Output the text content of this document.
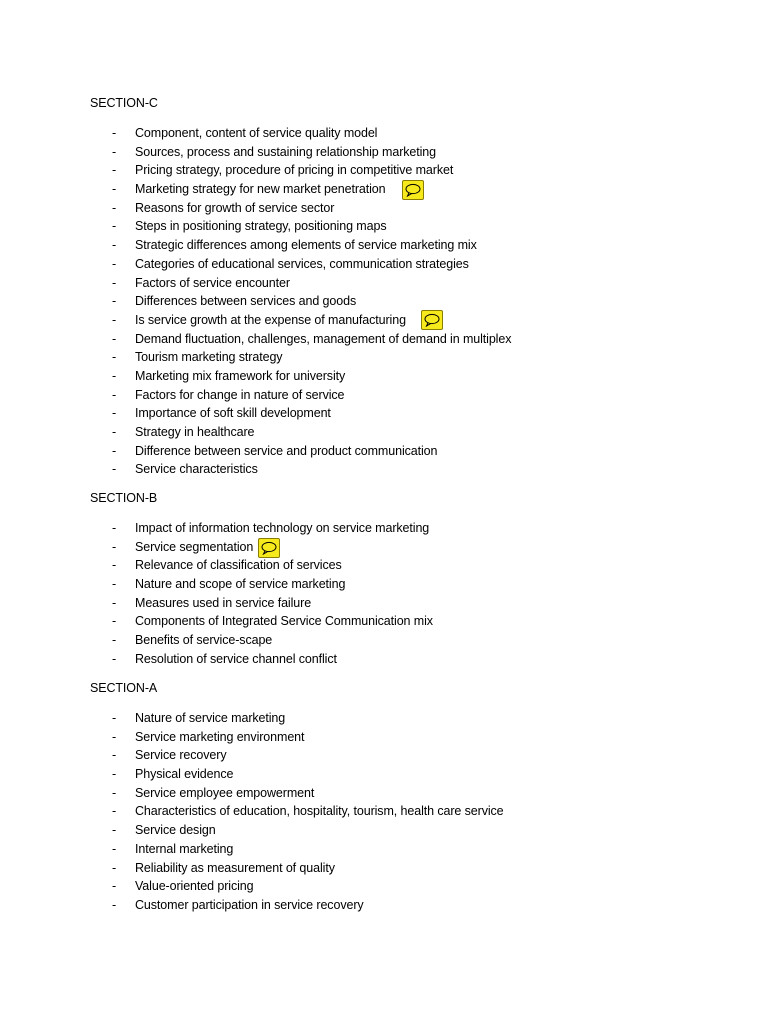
SECTION-C
- Component, content of service quality model
- Sources, process and sustaining relationship marketing
- Pricing strategy, procedure of pricing in competitive market
- Marketing strategy for new market penetration
- Reasons for growth of service sector
- Steps in positioning strategy, positioning maps
- Strategic differences among elements of service marketing mix
- Categories of educational services, communication strategies
- Factors of service encounter
- Differences between services and goods
- Is service growth at the expense of manufacturing
- Demand fluctuation, challenges, management of demand in multiplex
- Tourism marketing strategy
- Marketing mix framework for university
- Factors for change in nature of service
- Importance of soft skill development
- Strategy in healthcare
- Difference between service and product communication
- Service characteristics
SECTION-B
- Impact of information technology on service marketing
- Service segmentation
- Relevance of classification of services
- Nature and scope of service marketing
- Measures used in service failure
- Components of Integrated Service Communication mix
- Benefits of service-scape
- Resolution of service channel conflict
SECTION-A
- Nature of service marketing
- Service marketing environment
- Service recovery
- Physical evidence
- Service employee empowerment
- Characteristics of education, hospitality, tourism, health care service
- Service design
- Internal marketing
- Reliability as measurement of quality
- Value-oriented pricing
- Customer participation in service recovery
